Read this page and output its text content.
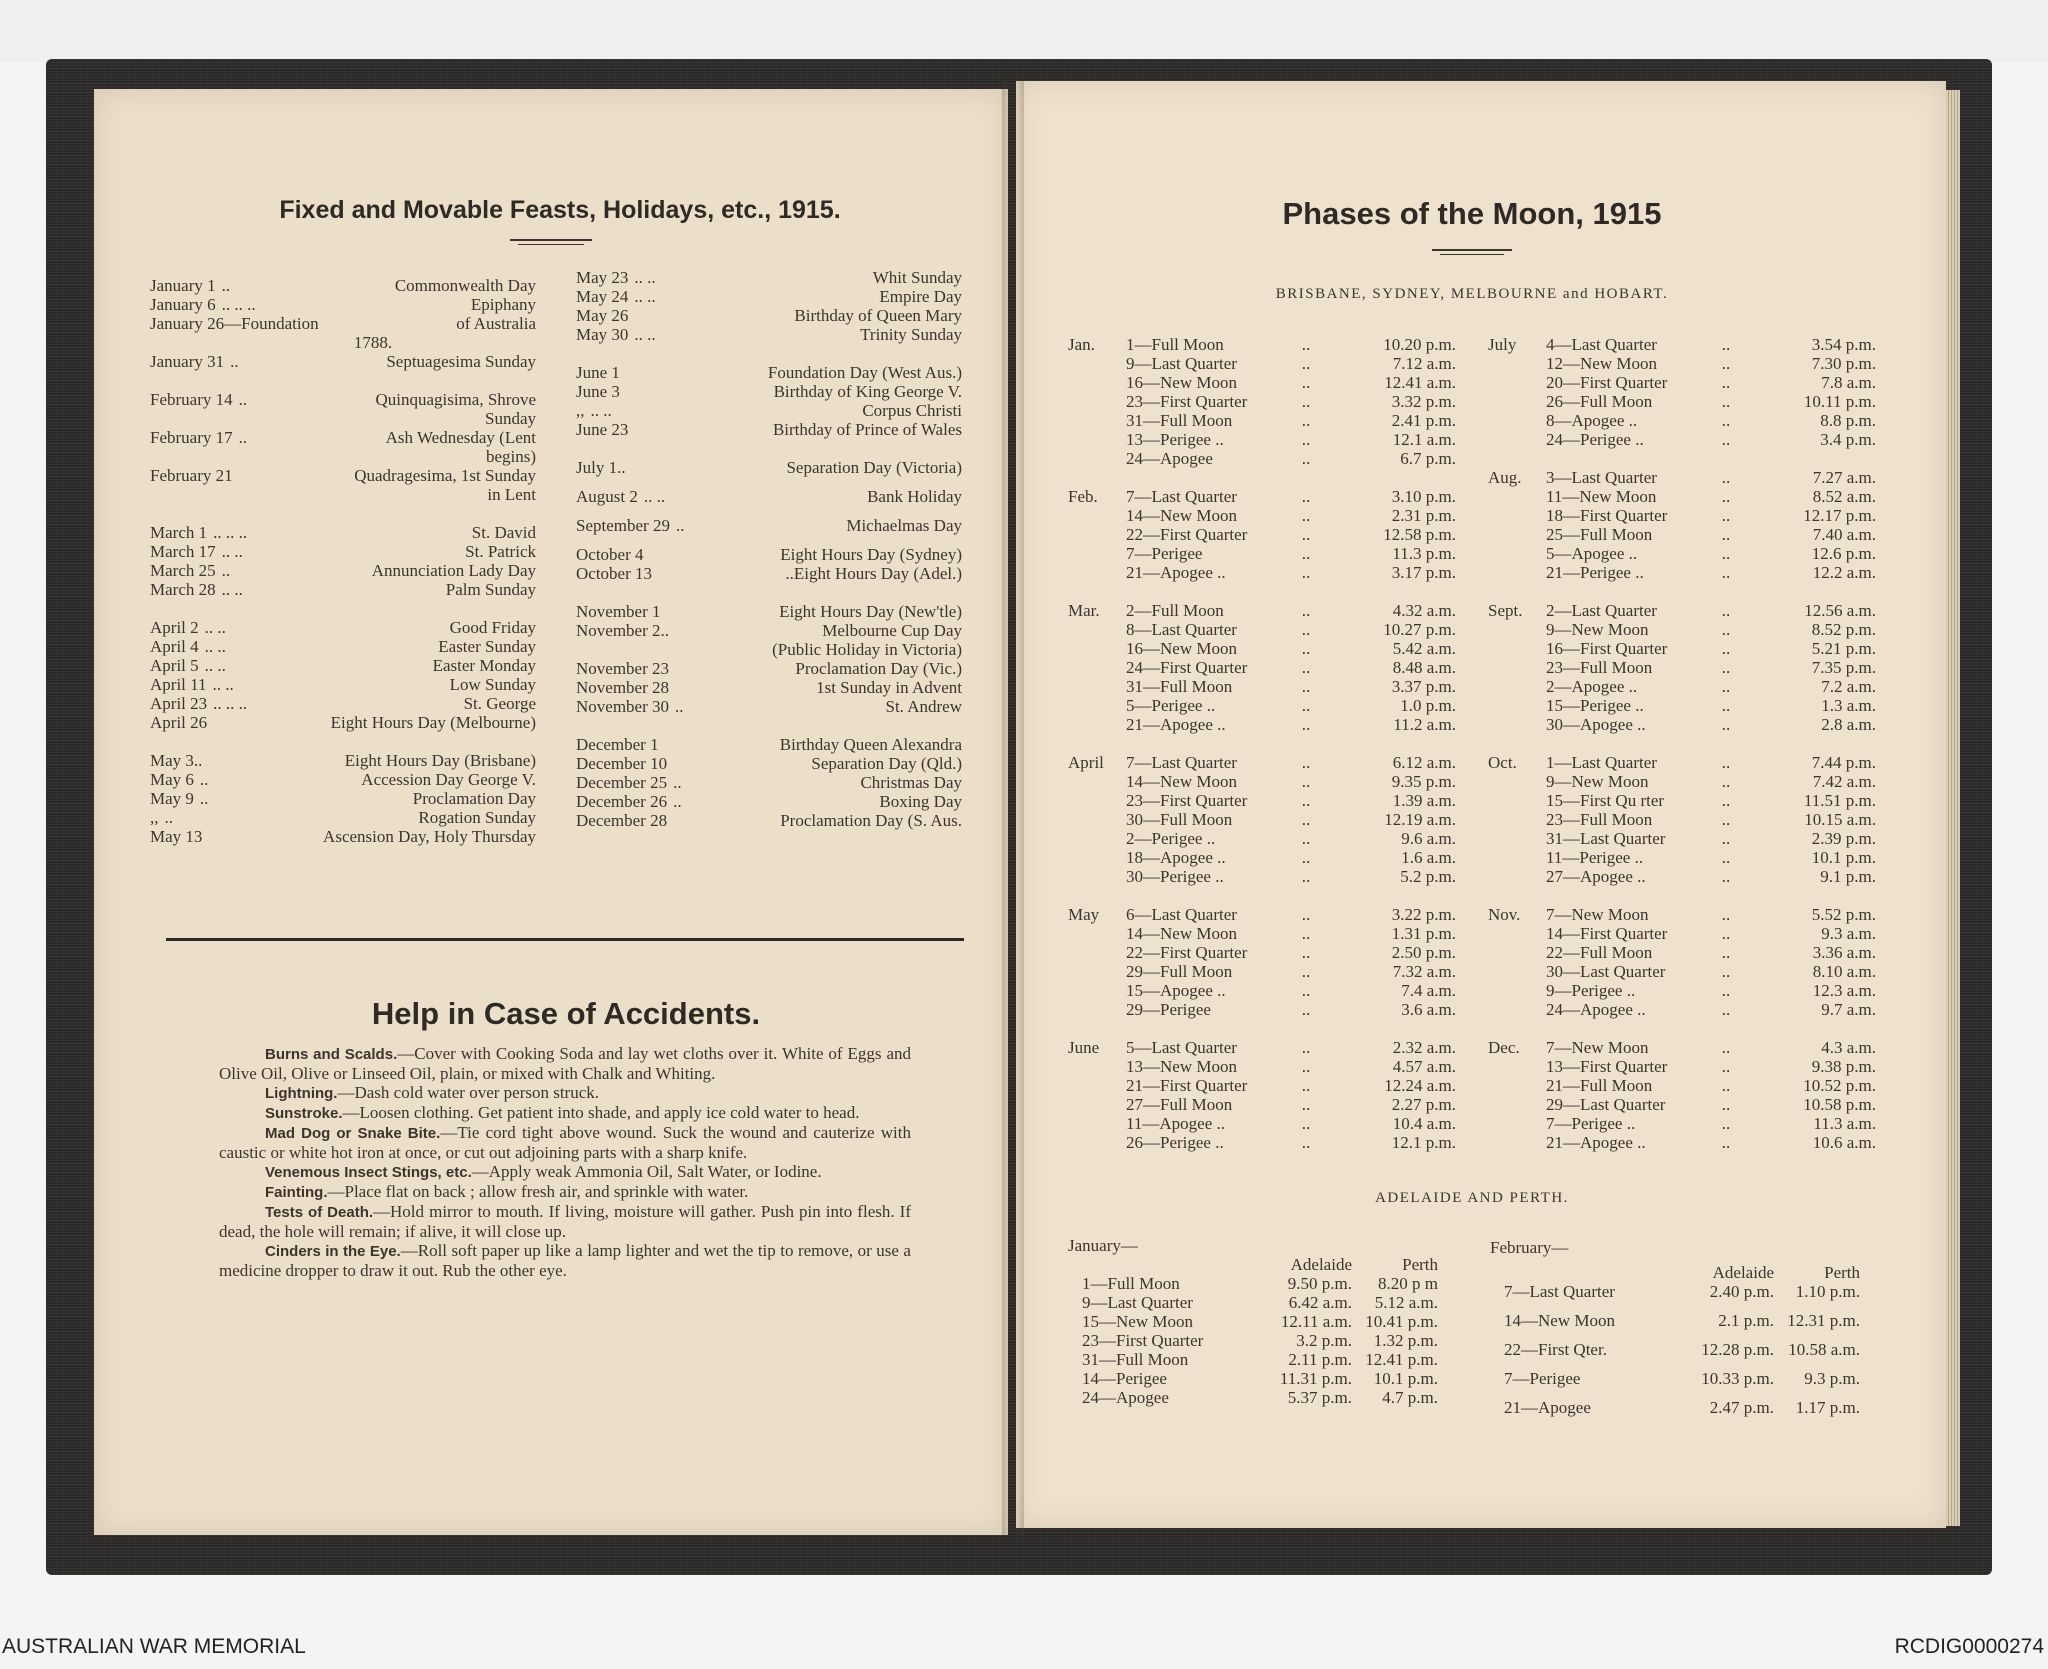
Fixed and Movable Feasts, Holidays, etc., 1915.
January 1 ..	Commonwealth Day
January 6 .. .. ..	Epiphany
January 26—Foundation	of Australia
1788.
January 31 ..	Septuagesima Sunday
February 14 ..	Quinquagisima, Shrove
Sunday
February 17 ..	Ash Wednesday (Lent
begins)
February 21	Quadragesima, 1st Sunday
in Lent
March 1 .. .. ..	St. David
March 17 .. ..	St. Patrick
March 25 ..	Annunciation Lady Day
March 28 .. ..	Palm Sunday
April 2 .. ..	Good Friday
April 4 .. ..	Easter Sunday
April 5 .. ..	Easter Monday
April 11 .. ..	Low Sunday
April 23 .. .. ..	St. George
April 26	Eight Hours Day (Melbourne)
May 3..	Eight Hours Day (Brisbane)
May 6 ..	Accession Day George V.
May 9 ..	Proclamation Day
,, ..	Rogation Sunday
May 13	Ascension Day, Holy Thursday
May 23 .. ..	Whit Sunday
May 24 .. ..	Empire Day
May 26	Birthday of Queen Mary
May 30 .. ..	Trinity Sunday
June 1	Foundation Day (West Aus.)
June 3	Birthday of King George V.
,, .. ..	Corpus Christi
June 23	Birthday of Prince of Wales
July 1..	Separation Day (Victoria)
August 2 .. ..	Bank Holiday
September 29 ..	Michaelmas Day
October 4	Eight Hours Day (Sydney)
October 13	..Eight Hours Day (Adel.)
November 1	Eight Hours Day (New'tle)
November 2..	Melbourne Cup Day
(Public Holiday in Victoria)
November 23	Proclamation Day (Vic.)
November 28	1st Sunday in Advent
November 30 ..	St. Andrew
December 1	Birthday Queen Alexandra
December 10	Separation Day (Qld.)
December 25 ..	Christmas Day
December 26 ..	Boxing Day
December 28	Proclamation Day (S. Aus.
Help in Case of Accidents.

Burns and Scalds.—Cover with Cooking Soda and lay wet cloths over it. White of Eggs and Olive Oil, Olive or Linseed Oil, plain, or mixed with Chalk and Whiting.

Lightning.—Dash cold water over person struck.

Sunstroke.—Loosen clothing. Get patient into shade, and apply ice cold water to head.

Mad Dog or Snake Bite.—Tie cord tight above wound. Suck the wound and cauterize with caustic or white hot iron at once, or cut out adjoining parts with a sharp knife.

Venemous Insect Stings, etc.—Apply weak Ammonia Oil, Salt Water, or Iodine.

Fainting.—Place flat on back ; allow fresh air, and sprinkle with water.

Tests of Death.—Hold mirror to mouth. If living, moisture will gather. Push pin into flesh. If dead, the hole will remain; if alive, it will close up.

Cinders in the Eye.—Roll soft paper up like a lamp lighter and wet the tip to remove, or use a medicine dropper to draw it out. Rub the other eye.

Phases of the Moon, 1915
BRISBANE, SYDNEY, MELBOURNE and HOBART.
Jan.	1—Full Moon	..	10.20 p.m.
9—Last Quarter	..	7.12 a.m.
16—New Moon	..	12.41 a.m.
23—First Quarter	..	3.32 p.m.
31—Full Moon	..	2.41 p.m.
13—Perigee ..	..	12.1 a.m.
24—Apogee	..	6.7 p.m.
Feb.	7—Last Quarter	..	3.10 p.m.
14—New Moon	..	2.31 p.m.
22—First Quarter	..	12.58 p.m.
7—Perigee	..	11.3 p.m.
21—Apogee ..	..	3.17 p.m.
Mar.	2—Full Moon	..	4.32 a.m.
8—Last Quarter	..	10.27 p.m.
16—New Moon	..	5.42 a.m.
24—First Quarter	..	8.48 a.m.
31—Full Moon	..	3.37 p.m.
5—Perigee ..	..	1.0 p.m.
21—Apogee ..	..	11.2 a.m.
April	7—Last Quarter	..	6.12 a.m.
14—New Moon	..	9.35 p.m.
23—First Quarter	..	1.39 a.m.
30—Full Moon	..	12.19 a.m.
2—Perigee ..	..	9.6 a.m.
18—Apogee ..	..	1.6 a.m.
30—Perigee ..	..	5.2 p.m.
May	6—Last Quarter	..	3.22 p.m.
14—New Moon	..	1.31 p.m.
22—First Quarter	..	2.50 p.m.
29—Full Moon	..	7.32 a.m.
15—Apogee ..	..	7.4 a.m.
29—Perigee	..	3.6 a.m.
June	5—Last Quarter	..	2.32 a.m.
13—New Moon	..	4.57 a.m.
21—First Quarter	..	12.24 a.m.
27—Full Moon	..	2.27 p.m.
11—Apogee ..	..	10.4 a.m.
26—Perigee ..	..	12.1 p.m.
July	4—Last Quarter	..	3.54 p.m.
12—New Moon	..	7.30 p.m.
20—First Quarter	..	7.8 a.m.
26—Full Moon	..	10.11 p.m.
8—Apogee ..	..	8.8 p.m.
24—Perigee ..	..	3.4 p.m.
Aug.	3—Last Quarter	..	7.27 a.m.
11—New Moon	..	8.52 a.m.
18—First Quarter	..	12.17 p.m.
25—Full Moon	..	7.40 a.m.
5—Apogee ..	..	12.6 p.m.
21—Perigee ..	..	12.2 a.m.
Sept.	2—Last Quarter	..	12.56 a.m.
9—New Moon	..	8.52 p.m.
16—First Quarter	..	5.21 p.m.
23—Full Moon	..	7.35 p.m.
2—Apogee ..	..	7.2 a.m.
15—Perigee ..	..	1.3 a.m.
30—Apogee ..	..	2.8 a.m.
Oct.	1—Last Quarter	..	7.44 p.m.
9—New Moon	..	7.42 a.m.
15—First Qu rter	..	11.51 p.m.
23—Full Moon	..	10.15 a.m.
31—Last Quarter	..	2.39 p.m.
11—Perigee ..	..	10.1 p.m.
27—Apogee ..	..	9.1 p.m.
Nov.	7—New Moon	..	5.52 p.m.
14—First Quarter	..	9.3 a.m.
22—Full Moon	..	3.36 a.m.
30—Last Quarter	..	8.10 a.m.
9—Perigee ..	..	12.3 a.m.
24—Apogee ..	..	9.7 a.m.
Dec.	7—New Moon	..	4.3 a.m.
13—First Quarter	..	9.38 p.m.
21—Full Moon	..	10.52 p.m.
29—Last Quarter	..	10.58 p.m.
7—Perigee ..	..	11.3 a.m.
21—Apogee ..	..	10.6 a.m.
ADELAIDE AND PERTH.
January—
Adelaide	Perth
1—Full Moon	9.50 p.m.	8.20 p m
9—Last Quarter	6.42 a.m.	5.12 a.m.
15—New Moon	12.11 a.m. 10.41 p.m.
23—First Quarter	3.2 p.m.	1.32 p.m.
31—Full Moon	2.11 p.m. 12.41 p.m.
14—Perigee	11.31 p.m.	10.1 p.m.
24—Apogee	5.37 p.m.	4.7 p.m.
February—
Adelaide	Perth
7—Last Quarter	2.40 p.m.	1.10 p.m.
14—New Moon	2.1 p.m. 12.31 p.m.
22—First Qter.	12.28 p.m. 10.58 a.m.
7—Perigee	10.33 p.m.	9.3 p.m.
21—Apogee	2.47 p.m.	1.17 p.m.
AUSTRALIAN WAR MEMORIAL	RCDIG0000274
